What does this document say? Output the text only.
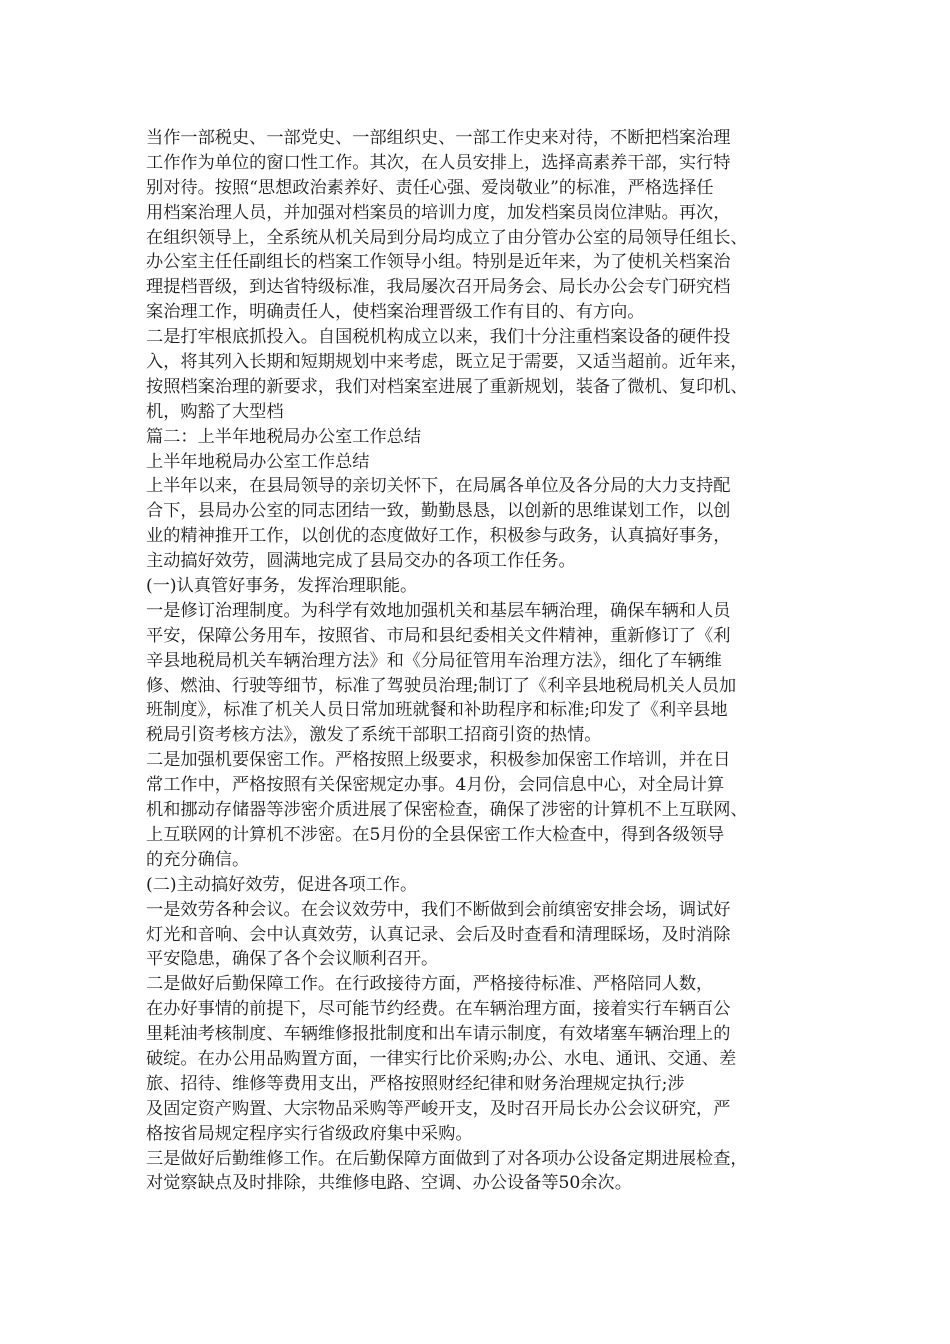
当作一部税史、一部党史、一部组织史、一部工作史来对待，不断把档案治理
工作作为单位的窗口性工作。其次，在人员安排上，选择高素养干部，实行特
别对待。按照“思想政治素养好、责任心强、爱岗敬业”的标准，严格选择任
用档案治理人员，并加强对档案员的培训力度，加发档案员岗位津贴。再次，
在组织领导上，全系统从机关局到分局均成立了由分管办公室的局领导任组长、
办公室主任任副组长的档案工作领导小组。特别是近年来，为了使机关档案治
理提档晋级，到达省特级标准，我局屡次召开局务会、局长办公会专门研究档
案治理工作，明确责任人，使档案治理晋级工作有目的、有方向。
二是打牢根底抓投入。自国税机构成立以来，我们十分注重档案设备的硬件投
入，将其列入长期和短期规划中来考虑，既立足于需要，又适当超前。近年来，
按照档案治理的新要求，我们对档案室进展了重新规划，装备了微机、复印机、
机，购豁了大型档
篇二：上半年地税局办公室工作总结
上半年地税局办公室工作总结
上半年以来，在县局领导的亲切关怀下，在局属各单位及各分局的大力支持配
合下，县局办公室的同志团结一致，勤勤恳恳，以创新的思维谋划工作，以创
业的精神推开工作，以创优的态度做好工作，积极参与政务，认真搞好事务，
主动搞好效劳，圆满地完成了县局交办的各项工作任务。
(一)认真管好事务，发挥治理职能。
一是修订治理制度。为科学有效地加强机关和基层车辆治理，确保车辆和人员
平安，保障公务用车，按照省、市局和县纪委相关文件精神，重新修订了《利
辛县地税局机关车辆治理方法》和《分局征管用车治理方法》，细化了车辆维
修、燃油、行驶等细节，标准了驾驶员治理;制订了《利辛县地税局机关人员加
班制度》，标准了机关人员日常加班就餐和补助程序和标准;印发了《利辛县地
税局引资考核方法》，激发了系统干部职工招商引资的热情。
二是加强机要保密工作。严格按照上级要求，积极参加保密工作培训，并在日
常工作中，严格按照有关保密规定办事。4月份，会同信息中心，对全局计算
机和挪动存储器等涉密介质进展了保密检查，确保了涉密的计算机不上互联网、
上互联网的计算机不涉密。在5月份的全县保密工作大检查中，得到各级领导
的充分确信。
(二)主动搞好效劳，促进各项工作。
一是效劳各种会议。在会议效劳中，我们不断做到会前缜密安排会场，调试好
灯光和音响、会中认真效劳，认真记录、会后及时查看和清理睬场，及时消除
平安隐患，确保了各个会议顺利召开。
二是做好后勤保障工作。在行政接待方面，严格接待标准、严格陪同人数，
在办好事情的前提下，尽可能节约经费。在车辆治理方面，接着实行车辆百公
里耗油考核制度、车辆维修报批制度和出车请示制度，有效堵塞车辆治理上的
破绽。在办公用品购置方面，一律实行比价采购;办公、水电、通讯、交通、差
旅、招待、维修等费用支出，严格按照财经纪律和财务治理规定执行;涉
及固定资产购置、大宗物品采购等严峻开支，及时召开局长办公会议研究，严
格按省局规定程序实行省级政府集中采购。
三是做好后勤维修工作。在后勤保障方面做到了对各项办公设备定期进展检查，
对觉察缺点及时排除，共维修电路、空调、办公设备等50余次。
